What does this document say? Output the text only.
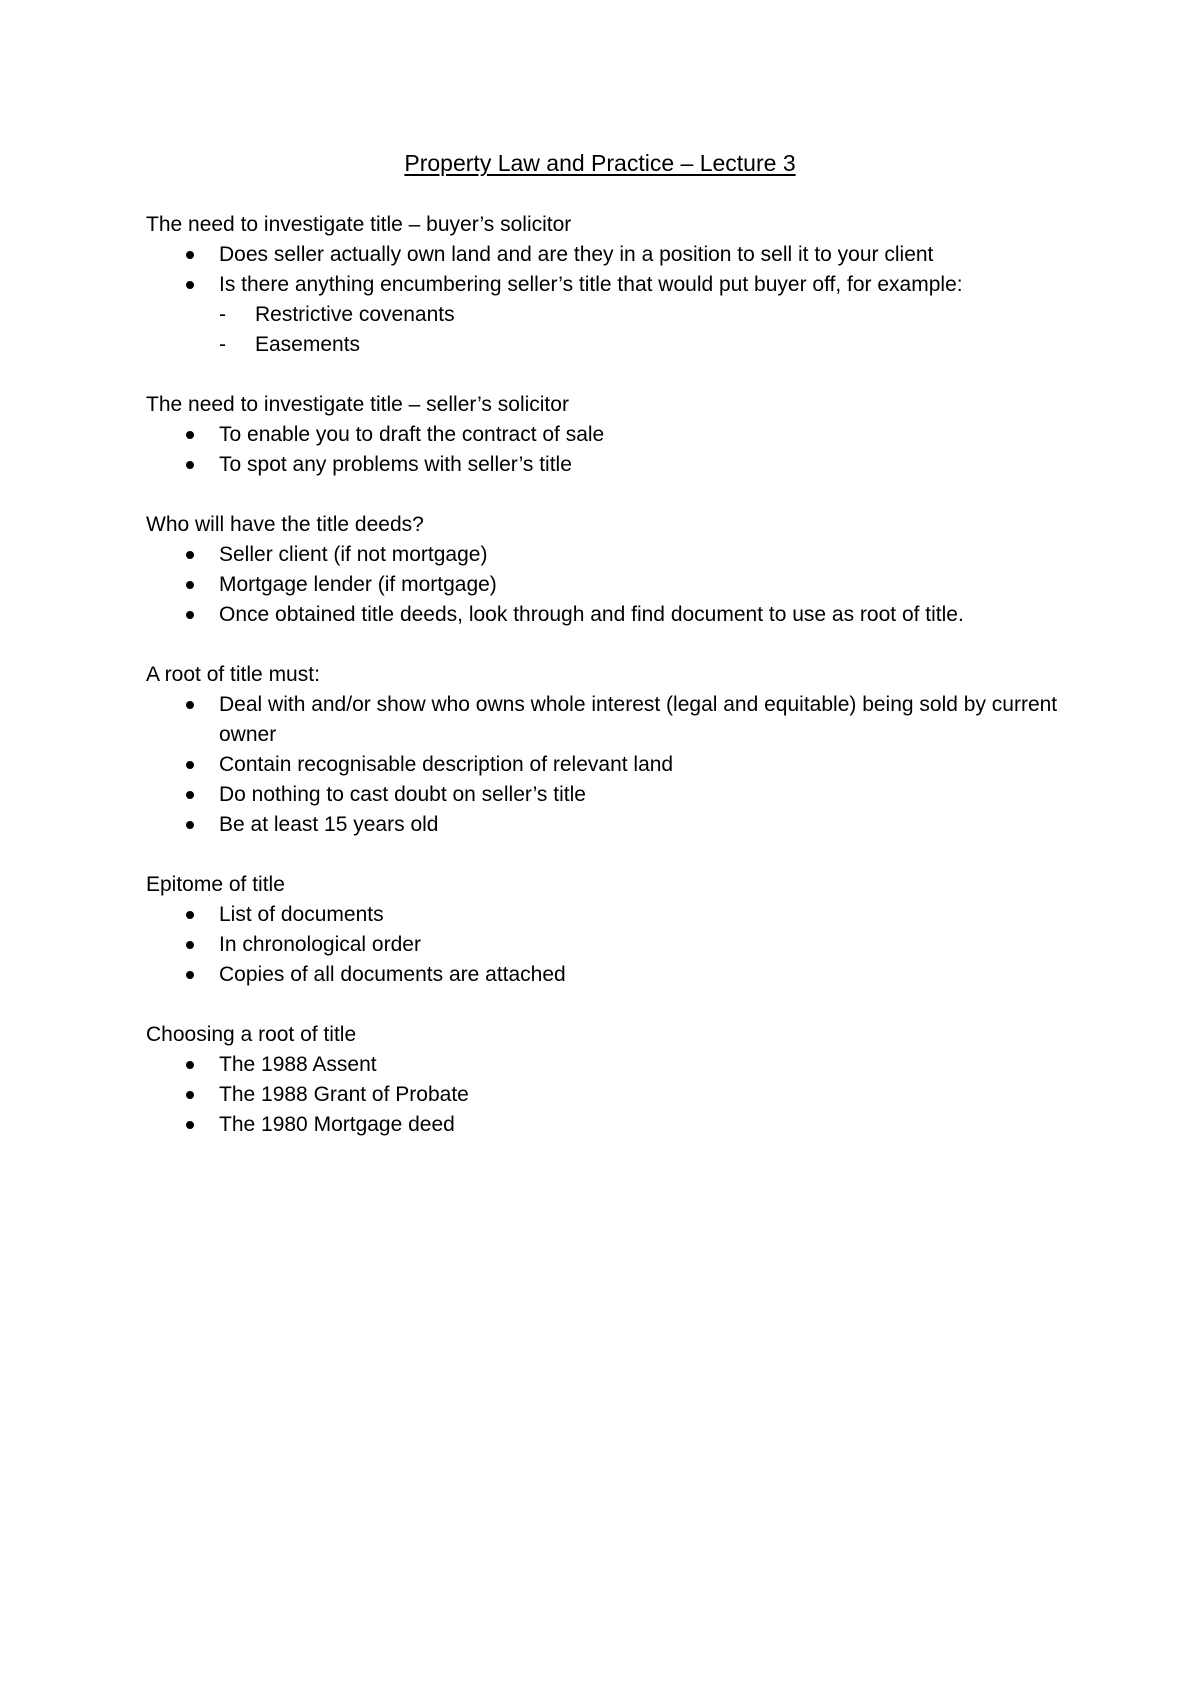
Property Law and Practice – Lecture 3

The need to investigate title – buyer’s solicitor

Does seller actually own land and are they in a position to sell it to your client
Is there anything encumbering seller’s title that would put buyer off, for example:
- Restrictive covenants
- Easements

The need to investigate title – seller’s solicitor

To enable you to draft the contract of sale
To spot any problems with seller’s title

Who will have the title deeds?

Seller client (if not mortgage)
Mortgage lender (if mortgage)
Once obtained title deeds, look through and find document to use as root of title.

A root of title must:

Deal with and/or show who owns whole interest (legal and equitable) being sold by current owner
Contain recognisable description of relevant land
Do nothing to cast doubt on seller’s title
Be at least 15 years old

Epitome of title

List of documents
In chronological order
Copies of all documents are attached

Choosing a root of title

The 1988 Assent
The 1988 Grant of Probate
The 1980 Mortgage deed
